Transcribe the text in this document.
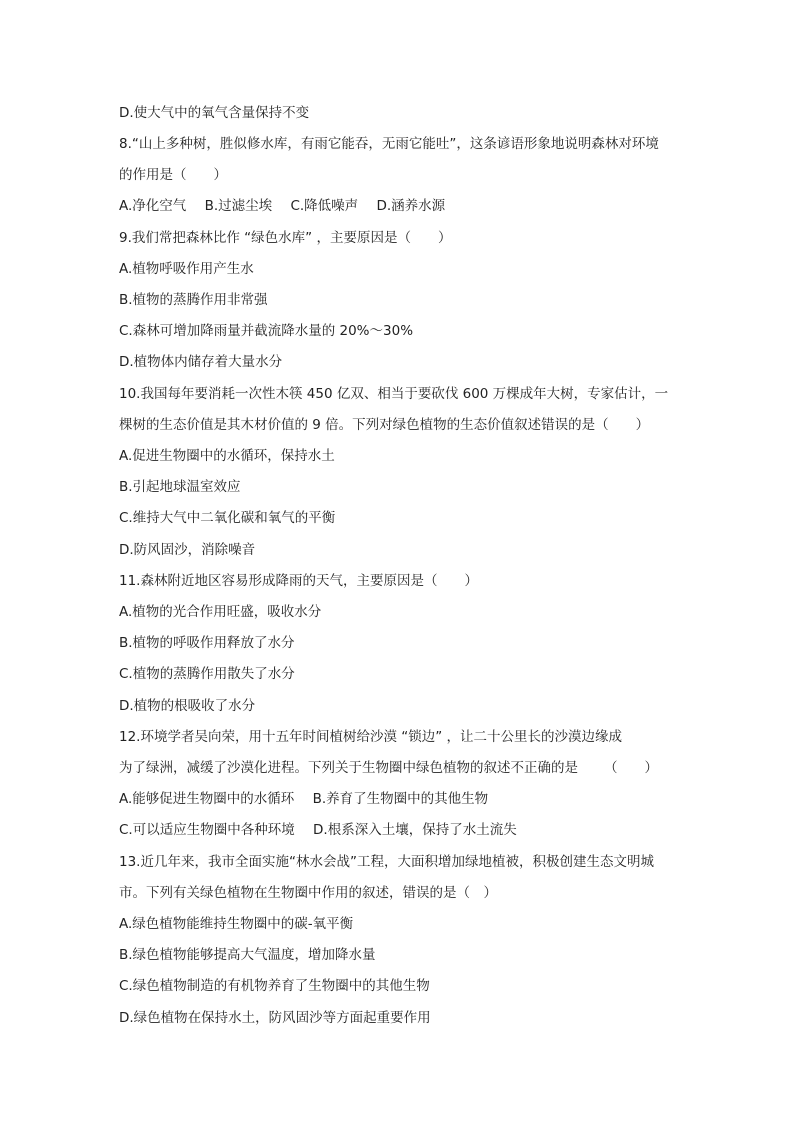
D.使大气中的氧气含量保持不变
8.“山上多种树，胜似修水库，有雨它能吞，无雨它能吐”，这条谚语形象地说明森林对环境
的作用是（　　）
A.净化空气 B.过滤尘埃 C.降低噪声 D.涵养水源
9.我们常把森林比作 “绿色水库” ，主要原因是（　　）
A.植物呼吸作用产生水
B.植物的蒸腾作用非常强
C.森林可增加降雨量并截流降水量的 20%～30%
D.植物体内储存着大量水分
10.我国每年要消耗一次性木筷 450 亿双、相当于要砍伐 600 万棵成年大树，专家估计，一
棵树的生态价值是其木材价值的 9 倍。下列对绿色植物的生态价值叙述错误的是（　　）
A.促进生物圈中的水循环，保持水土
B.引起地球温室效应
C.维持大气中二氧化碳和氧气的平衡
D.防风固沙，消除噪音
11.森林附近地区容易形成降雨的天气，主要原因是（　　）
A.植物的光合作用旺盛，吸收水分
B.植物的呼吸作用释放了水分
C.植物的蒸腾作用散失了水分
D.植物的根吸收了水分
12.环境学者吴向荣，用十五年时间植树给沙漠 “锁边” ，让二十公里长的沙漠边缘成
为了绿洲，减缓了沙漠化进程。下列关于生物圈中绿色植物的叙述不正确的是 （　　）
A.能够促进生物圈中的水循环 B.养育了生物圈中的其他生物
C.可以适应生物圈中各种环境 D.根系深入土壤，保持了水土流失
13.近几年来，我市全面实施“林水会战”工程，大面积增加绿地植被，积极创建生态文明城
市。下列有关绿色植物在生物圈中作用的叙述，错误的是（　）
A.绿色植物能维持生物圈中的碳-氧平衡
B.绿色植物能够提高大气温度，增加降水量
C.绿色植物制造的有机物养育了生物圈中的其他生物
D.绿色植物在保持水土，防风固沙等方面起重要作用
